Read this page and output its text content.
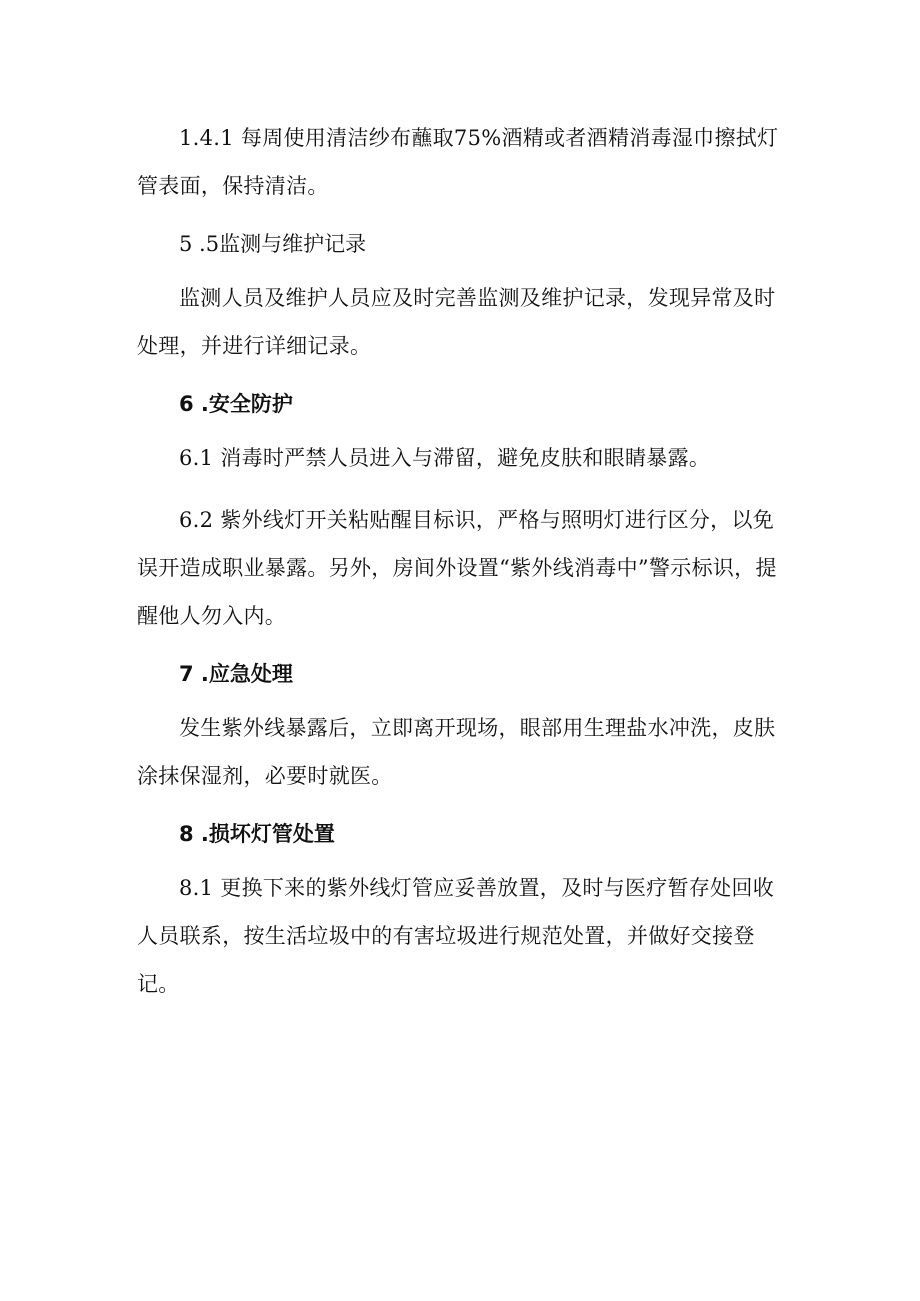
1.4.1 每周使用清洁纱布蘸取75%酒精或者酒精消毒湿巾擦拭灯管表面，保持清洁。

5 .5监测与维护记录

监测人员及维护人员应及时完善监测及维护记录，发现异常及时处理，并进行详细记录。

6 .安全防护

6.1 消毒时严禁人员进入与滞留，避免皮肤和眼睛暴露。

6.2 紫外线灯开关粘贴醒目标识，严格与照明灯进行区分，以免误开造成职业暴露。另外，房间外设置“紫外线消毒中”警示标识，提醒他人勿入内。

7 .应急处理

发生紫外线暴露后，立即离开现场，眼部用生理盐水冲洗，皮肤涂抹保湿剂，必要时就医。

8 .损坏灯管处置

8.1 更换下来的紫外线灯管应妥善放置，及时与医疗暂存处回收人员联系，按生活垃圾中的有害垃圾进行规范处置，并做好交接登记。
